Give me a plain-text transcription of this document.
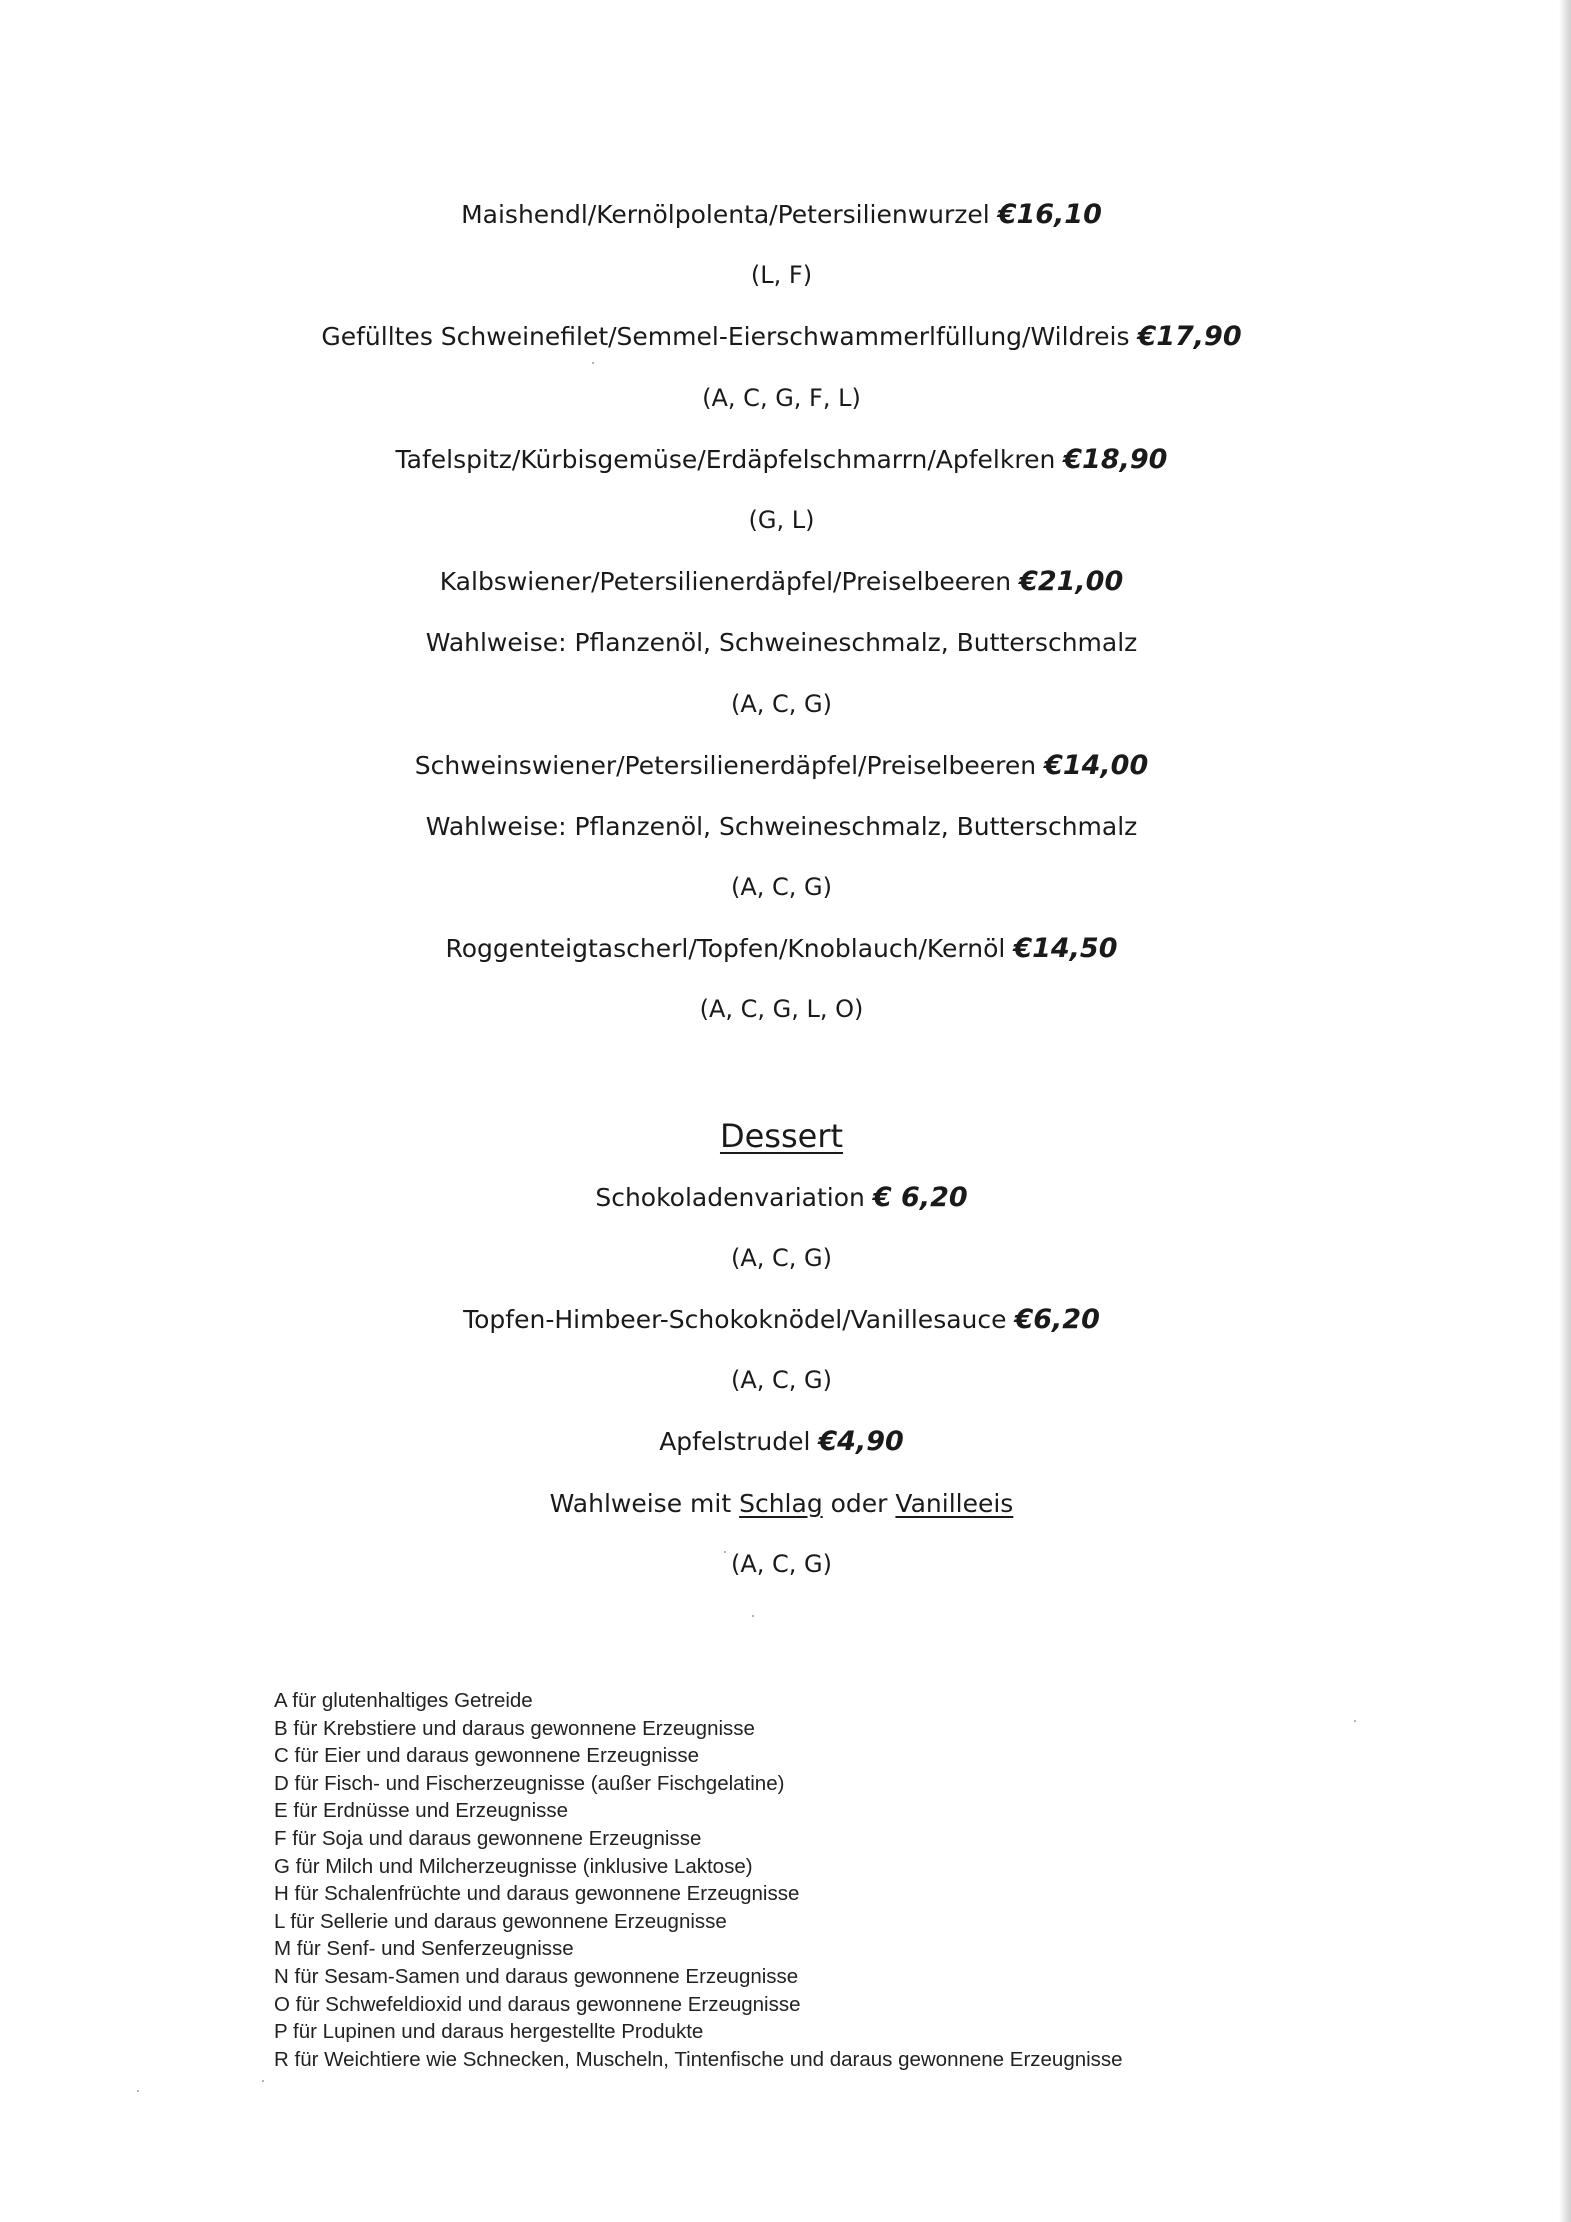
Maishendl/Kernölpolenta/Petersilienwurzel €16,10
(L, F)
Gefülltes Schweinefilet/Semmel-Eierschwammerlfüllung/Wildreis €17,90
(A, C, G, F, L)
Tafelspitz/Kürbisgemüse/Erdäpfelschmarrn/Apfelkren €18,90
(G, L)
Kalbswiener/Petersilienerdäpfel/Preiselbeeren €21,00
Wahlweise: Pflanzenöl, Schweineschmalz, Butterschmalz
(A, C, G)
Schweinswiener/Petersilienerdäpfel/Preiselbeeren €14,00
Wahlweise: Pflanzenöl, Schweineschmalz, Butterschmalz
(A, C, G)
Roggenteigtascherl/Topfen/Knoblauch/Kernöl €14,50
(A, C, G, L, O)
Dessert
Schokoladenvariation € 6,20
(A, C, G)
Topfen-Himbeer-Schokoknödel/Vanillesauce €6,20
(A, C, G)
Apfelstrudel €4,90
Wahlweise mit Schlag oder Vanilleeis
(A, C, G)
A für glutenhaltiges Getreide
B für Krebstiere und daraus gewonnene Erzeugnisse
C für Eier und daraus gewonnene Erzeugnisse
D für Fisch- und Fischerzeugnisse (außer Fischgelatine)
E für Erdnüsse und Erzeugnisse
F für Soja und daraus gewonnene Erzeugnisse
G für Milch und Milcherzeugnisse (inklusive Laktose)
H für Schalenfrüchte und daraus gewonnene Erzeugnisse
L für Sellerie und daraus gewonnene Erzeugnisse
M für Senf- und Senferzeugnisse
N für Sesam-Samen und daraus gewonnene Erzeugnisse
O für Schwefeldioxid und daraus gewonnene Erzeugnisse
P für Lupinen und daraus hergestellte Produkte
R für Weichtiere wie Schnecken, Muscheln, Tintenfische und daraus gewonnene Erzeugnisse
